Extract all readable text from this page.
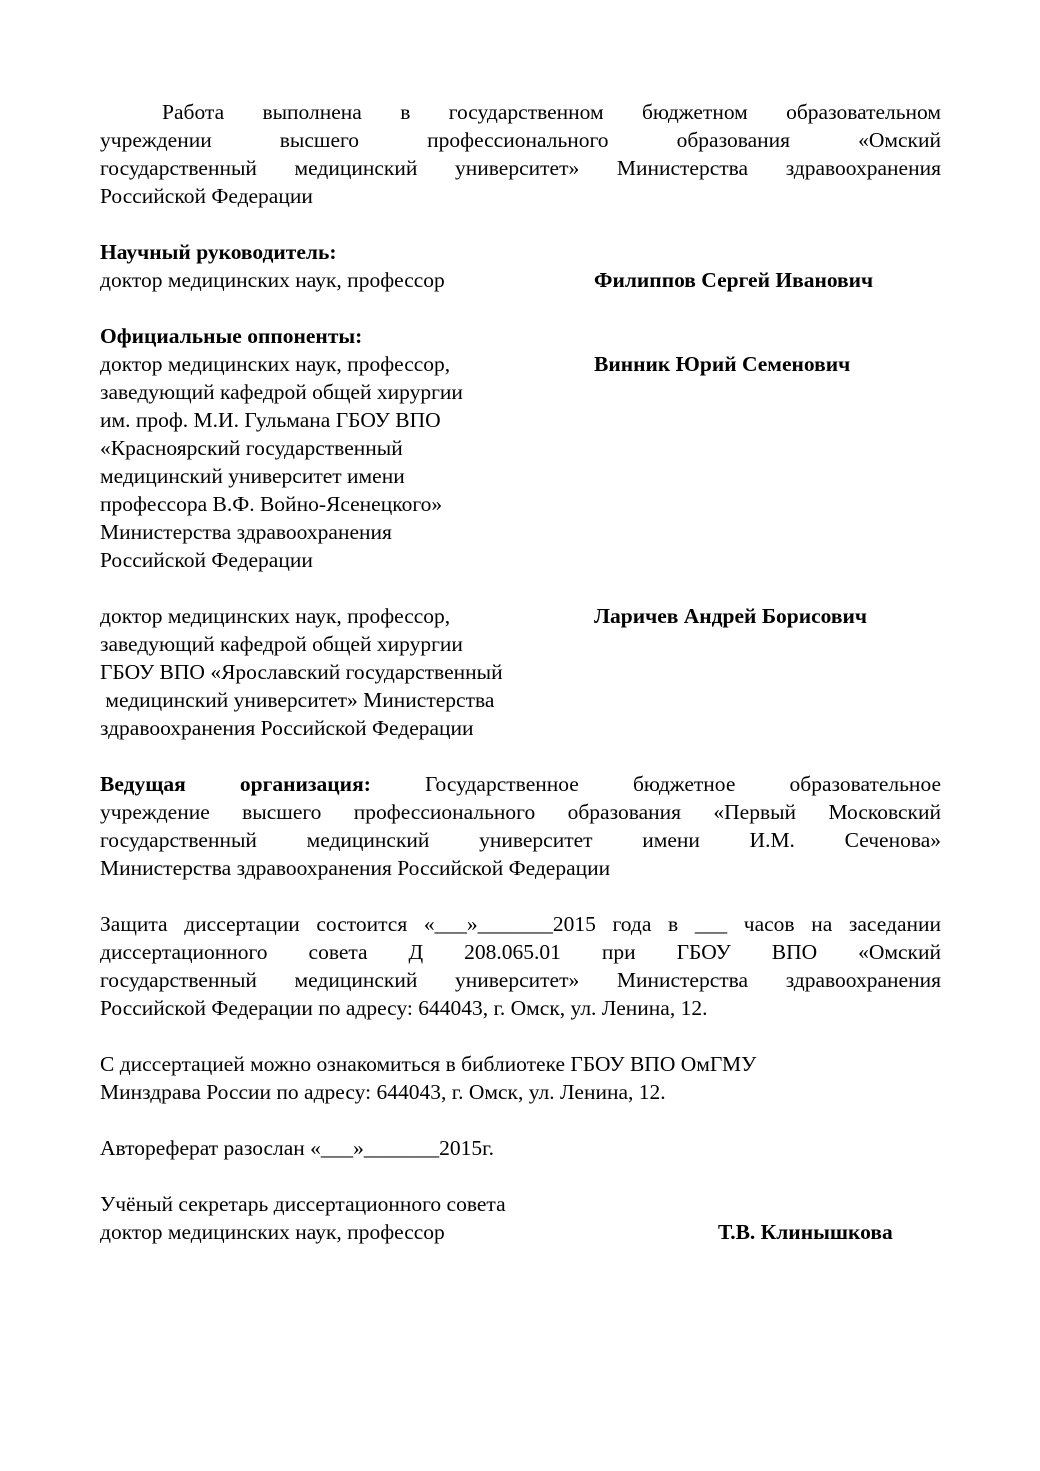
Работа выполнена в государственном бюджетном образовательном
учреждении высшего профессионального образования «Омский
государственный медицинский университет» Министерства здравоохранения
Российской Федерации
Научный руководитель:
доктор медицинских наук, профессор	Филиппов Сергей Иванович
Официальные оппоненты:
доктор медицинских наук, профессор,	Винник Юрий Семенович
заведующий кафедрой общей хирургии
им. проф. М.И. Гульмана ГБОУ ВПО
«Красноярский государственный
медицинский университет имени
профессора В.Ф. Войно-Ясенецкого»
Министерства здравоохранения
Российской Федерации
доктор медицинских наук, профессор,	Ларичев Андрей Борисович
заведующий кафедрой общей хирургии
ГБОУ ВПО «Ярославский государственный
медицинский университет» Министерства
здравоохранения Российской Федерации
Ведущая организация:	Государственное бюджетное образовательное
учреждение высшего профессионального образования «Первый Московский
государственный медицинский университет имени И.М. Сеченова»
Министерства здравоохранения Российской Федерации
Защита диссертации состоится «___»_______2015 года в ___ часов на заседании
диссертационного совета Д 208.065.01 при ГБОУ ВПО «Омский
государственный медицинский университет» Министерства здравоохранения
Российской Федерации по адресу: 644043, г. Омск, ул. Ленина, 12.
С диссертацией можно ознакомиться в библиотеке ГБОУ ВПО ОмГМУ
Минздрава России по адресу: 644043, г. Омск, ул. Ленина, 12.
Автореферат разослан «___»_______2015г.
Учёный секретарь диссертационного совета
доктор медицинских наук, профессор	Т.В. Клинышкова
